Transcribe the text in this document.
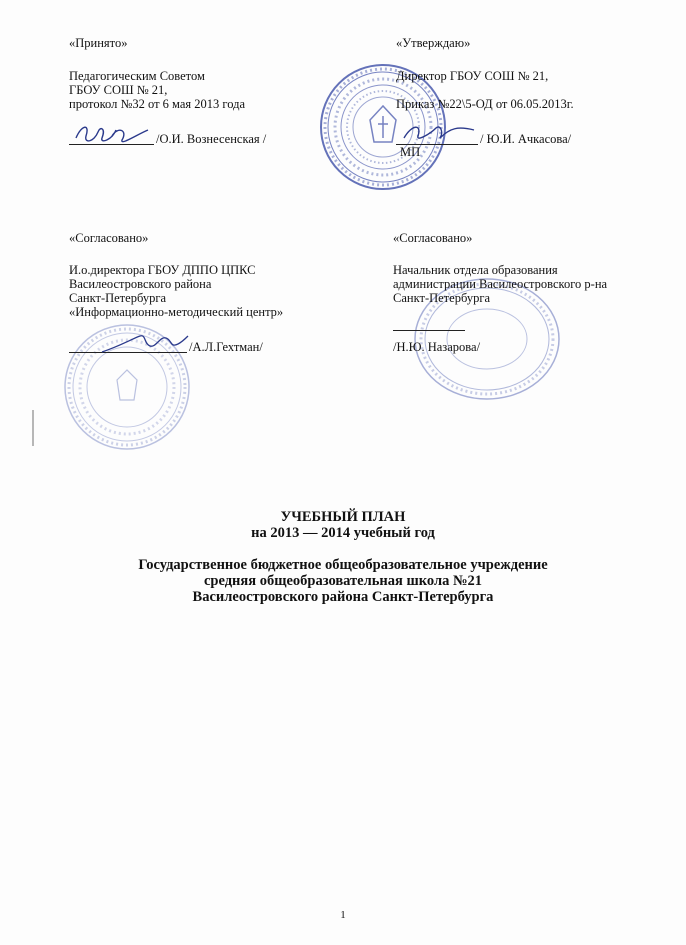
«Принято»
Педагогическим Советом
ГБОУ СОШ № 21,
протокол №32 от 6 мая 2013 года
/О.И. Вознесенская /
«Утверждаю»
Директор ГБОУ СОШ № 21,
Приказ №22\5-ОД от 06.05.2013г.
/ Ю.И. Ачкасова/
МП
«Согласовано»
И.о.директора ГБОУ ДППО ЦПКС
Василеостровского района
Санкт-Петербурга
«Информационно-методический центр»
/А.Л.Гехтман/
«Согласовано»
Начальник отдела образования
администрации Василеостровского р-на
Санкт-Петербурга
/Н.Ю. Назарова/
УЧЕБНЫЙ ПЛАН
на 2013 — 2014 учебный год
Государственное бюджетное общеобразовательное учреждение
средняя общеобразовательная школа №21
Василеостровского района Санкт-Петербурга
1
